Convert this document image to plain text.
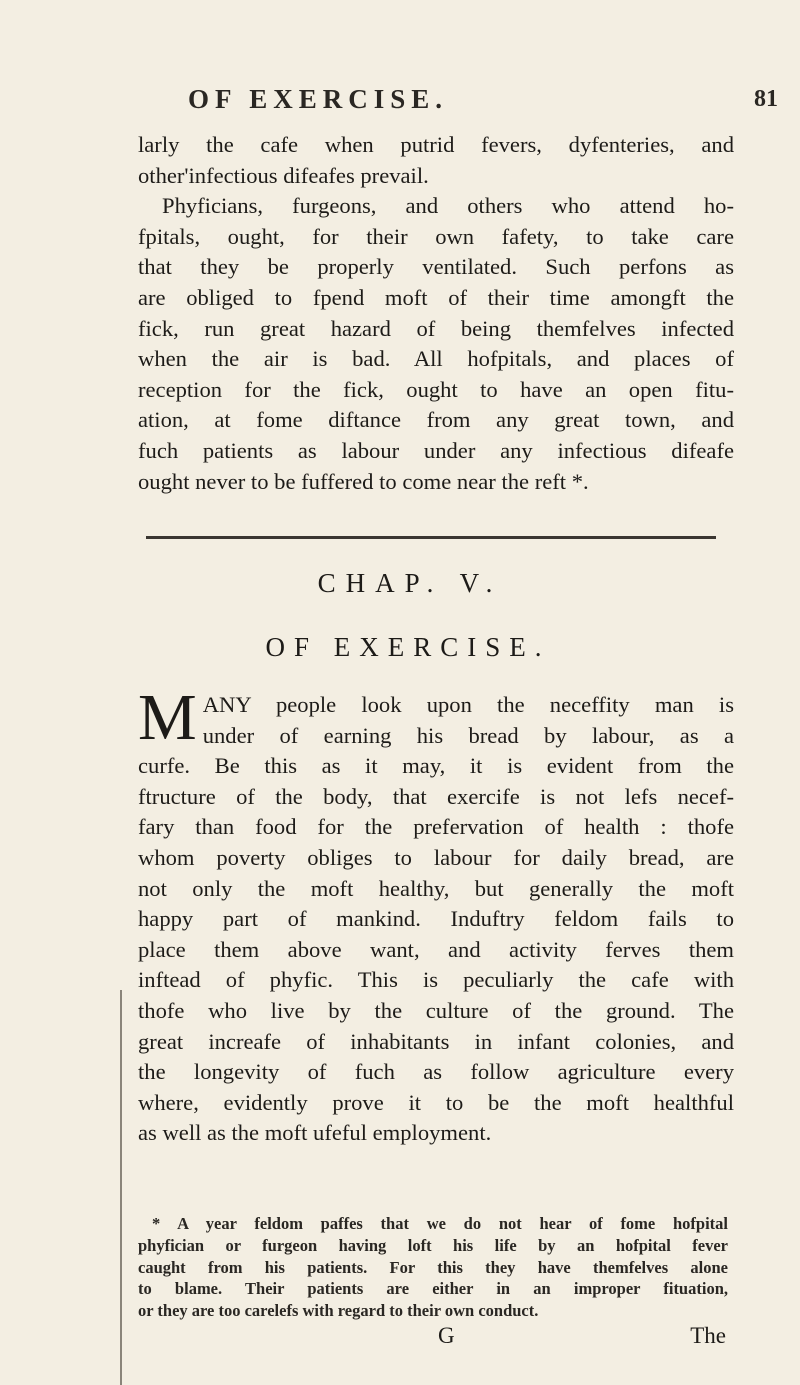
OF EXERCISE.	81
larly the cafe when putrid fevers, dyfenteries, and
other'infectious difeafes prevail.
Phyficians, furgeons, and others who attend ho-
fpitals, ought, for their own fafety, to take care
that they be properly ventilated. Such perfons as
are obliged to fpend moft of their time amongft the
fick, run great hazard of being themfelves infected
when the air is bad. All hofpitals, and places of
reception for the fick, ought to have an open fitu-
ation, at fome diftance from any great town, and
fuch patients as labour under any infectious difeafe
ought never to be fuffered to come near the reft *.
CHAP. V.
OF EXERCISE.
M ANY people look upon the neceffity man is
under of earning his bread by labour, as a
curfe. Be this as it may, it is evident from the
ftructure of the body, that exercife is not lefs necef-
fary than food for the prefervation of health : thofe
whom poverty obliges to labour for daily bread, are
not only the moft healthy, but generally the moft
happy part of mankind. Induftry feldom fails to
place them above want, and activity ferves them
inftead of phyfic. This is peculiarly the cafe with
thofe who live by the culture of the ground. The
great increafe of inhabitants in infant colonies, and
the longevity of fuch as follow agriculture every
where, evidently prove it to be the moft healthful
as well as the moft ufeful employment.
* A year feldom paffes that we do not hear of fome hofpital
phyfician or furgeon having loft his life by an hofpital fever
caught from his patients. For this they have themfelves alone
to blame. Their patients are either in an improper fituation,
or they are too carelefs with regard to their own conduct.
G	The
